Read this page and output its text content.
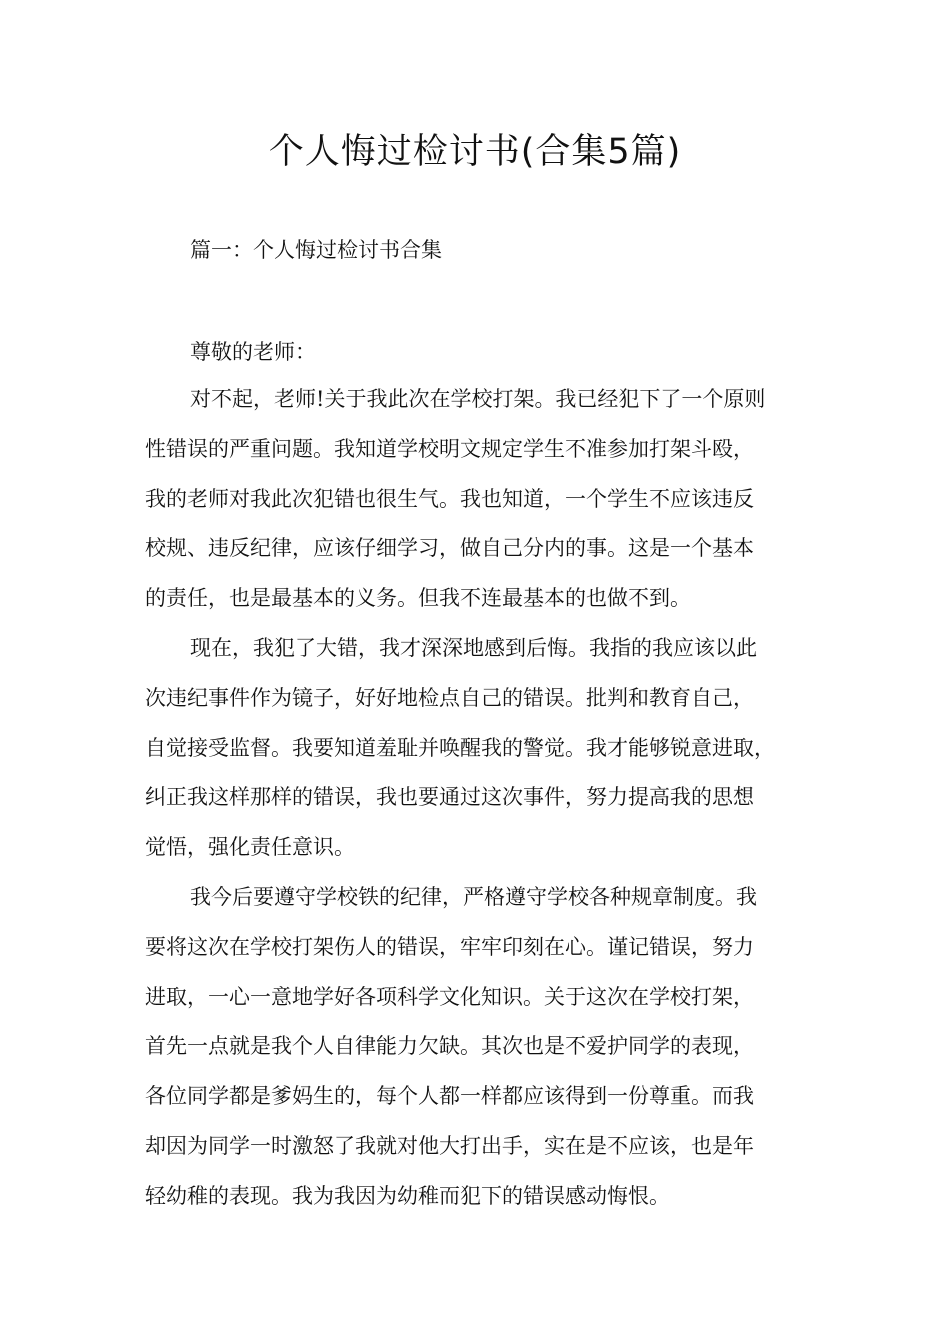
个人悔过检讨书(合集5篇)
篇一：个人悔过检讨书合集

尊敬的老师：

对不起，老师!关于我此次在学校打架。我已经犯下了一个原则
性错误的严重问题。我知道学校明文规定学生不准参加打架斗殴，
我的老师对我此次犯错也很生气。我也知道，一个学生不应该违反
校规、违反纪律，应该仔细学习，做自己分内的事。这是一个基本
的责任，也是最基本的义务。但我不连最基本的也做不到。
现在，我犯了大错，我才深深地感到后悔。我指的我应该以此
次违纪事件作为镜子，好好地检点自己的错误。批判和教育自己，
自觉接受监督。我要知道羞耻并唤醒我的警觉。我才能够锐意进取，
纠正我这样那样的错误，我也要通过这次事件，努力提高我的思想
觉悟，强化责任意识。
我今后要遵守学校铁的纪律，严格遵守学校各种规章制度。我
要将这次在学校打架伤人的错误，牢牢印刻在心。谨记错误，努力
进取，一心一意地学好各项科学文化知识。关于这次在学校打架，
首先一点就是我个人自律能力欠缺。其次也是不爱护同学的表现，
各位同学都是爹妈生的，每个人都一样都应该得到一份尊重。而我
却因为同学一时激怒了我就对他大打出手，实在是不应该，也是年
轻幼稚的表现。我为我因为幼稚而犯下的错误感动悔恨。
